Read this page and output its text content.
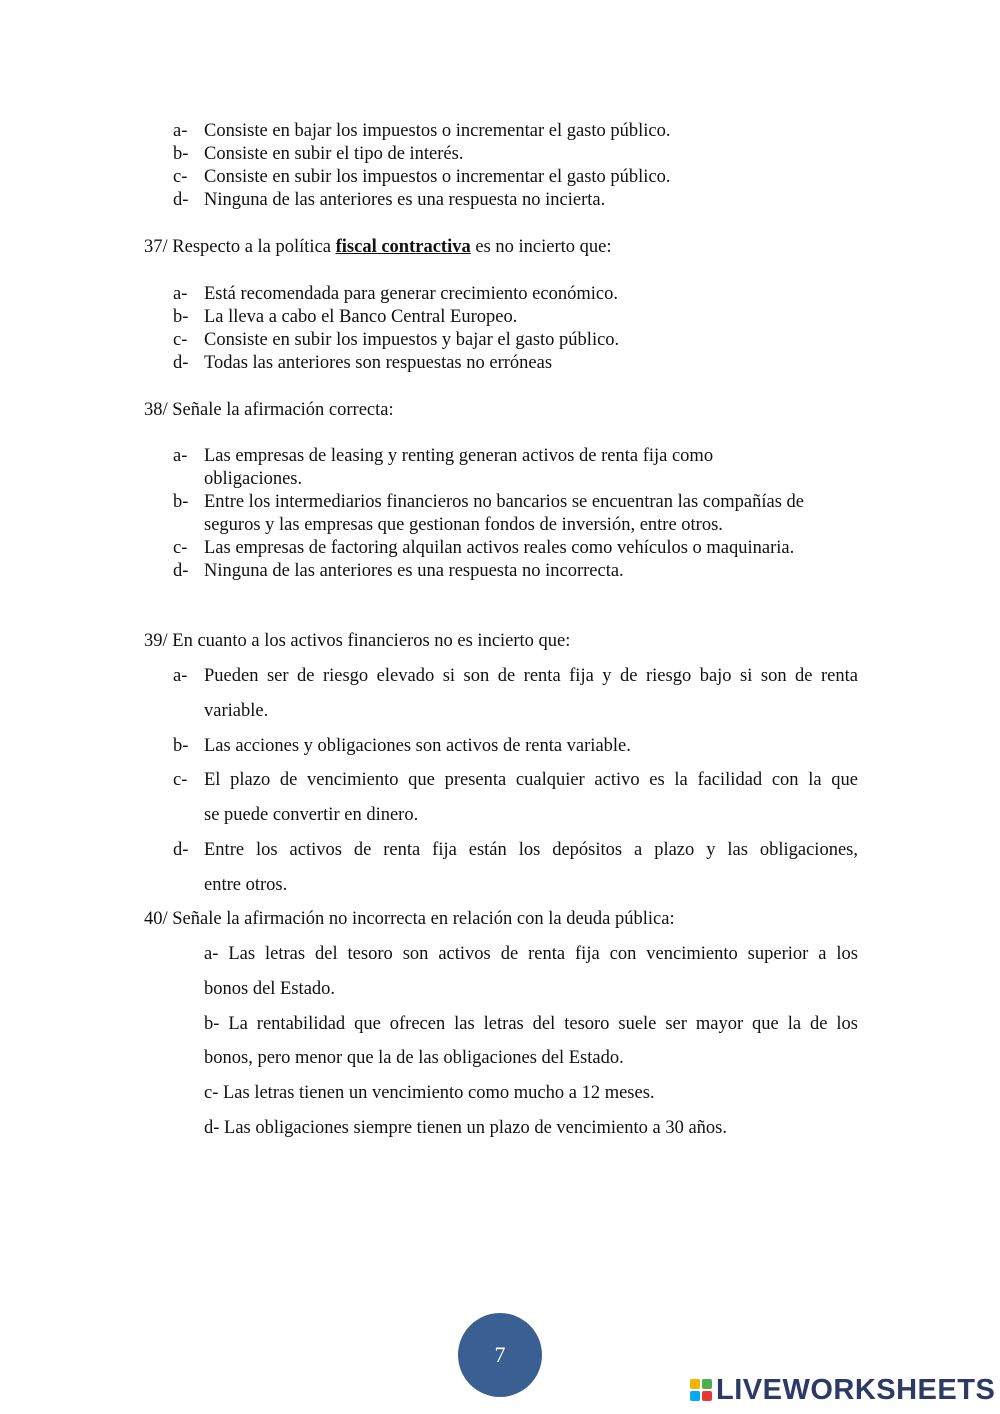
a- Consiste en bajar los impuestos o incrementar el gasto público.
b- Consiste en subir el tipo de interés.
c- Consiste en subir los impuestos o incrementar el gasto público.
d- Ninguna de las anteriores es una respuesta no incierta.
37/ Respecto a la política fiscal contractiva es no incierto que:
a- Está recomendada para generar crecimiento económico.
b- La lleva a cabo el Banco Central Europeo.
c- Consiste en subir los impuestos y bajar el gasto público.
d- Todas las anteriores son respuestas no erróneas
38/ Señale la afirmación correcta:
a- Las empresas de leasing y renting generan activos de renta fija como
obligaciones.
b- Entre los intermediarios financieros no bancarios se encuentran las compañías de
seguros y las empresas que gestionan fondos de inversión, entre otros.
c- Las empresas de factoring alquilan activos reales como vehículos o maquinaria.
d- Ninguna de las anteriores es una respuesta no incorrecta.
39/ En cuanto a los activos financieros no es incierto que:
a- Pueden ser de riesgo elevado si son de renta fija y de riesgo bajo si son de renta
variable.
b- Las acciones y obligaciones son activos de renta variable.
c- El plazo de vencimiento que presenta cualquier activo es la facilidad con la que
se puede convertir en dinero.
d- Entre los activos de renta fija están los depósitos a plazo y las obligaciones,
entre otros.
40/ Señale la afirmación no incorrecta en relación con la deuda pública:
a- Las letras del tesoro son activos de renta fija con vencimiento superior a los
bonos del Estado.
b- La rentabilidad que ofrecen las letras del tesoro suele ser mayor que la de los
bonos, pero menor que la de las obligaciones del Estado.
c- Las letras tienen un vencimiento como mucho a 12 meses.
d- Las obligaciones siempre tienen un plazo de vencimiento a 30 años.
7
LIVEWORKSHEETS
